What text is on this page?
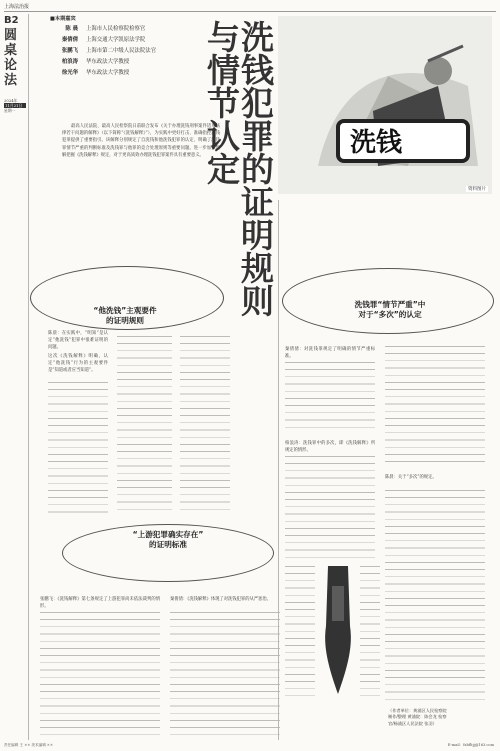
上海法治报
B2
圆桌论法
2024年
11月21日
星期一
■本期嘉宾
陈 晨 上海市人民检察院检察官
秦倩倩 上海交通大学凯原法学院
张鹏飞 上海市第二中级人民法院法官
柏浪涛 华东政法大学教授
徐光华 华东政法大学教授	洗钱犯罪的证明规则与情节认定	洗钱
资料图片
最高人民法院、最高人民检察院日前联合发布《关于办理洗钱刑事案件适用法律若干问题的解释》（以下简称“《洗钱解释》”），为实践中更好打击、准确指控洗钱犯罪提供了重要指引。该解释分别规定了自洗钱和他洗钱犯罪的认定、明确了洗钱罪情节严重的判断标准及洗钱罪与他罪的竞合处理原则等重要问题。进一步加强理解把握《洗钱解释》规定，对于更高质效办理洗钱犯罪案件具有重要意义。
“他洗钱”主观要件
的证明规则
陈晨：在实践中，“明知”是认定“他洗钱”犯罪中很难证明的问题。
这次《洗钱解释》明确，认定“他洗钱”行为的主观要件是“知道或者应当知道”。
洗钱罪“情节严重”中
对于“多次”的认定
秦倩倩：对洗钱罪规定了明确的情节严重标准。
柏浪涛：洗钱罪中的多次，即《洗钱解释》所规定的情形。
陈晨：关于“多次”的规定。
（作者单位：黄浦区人民检察院
制作/整理 黄浦院：陈会龙 检察
官/杨浦区人民法院 张羽）
“上游犯罪确实存在”
的证明标准
张鹏飞：《洗钱解释》第七条规定了上游犯罪尚未依法裁判的情形。
秦倩倩：《洗钱解释》体现了对洗钱犯罪的从严惩治。
责任编辑 王 ×× 美术编辑 ××	E-mail：fzbfltjj@163.com
